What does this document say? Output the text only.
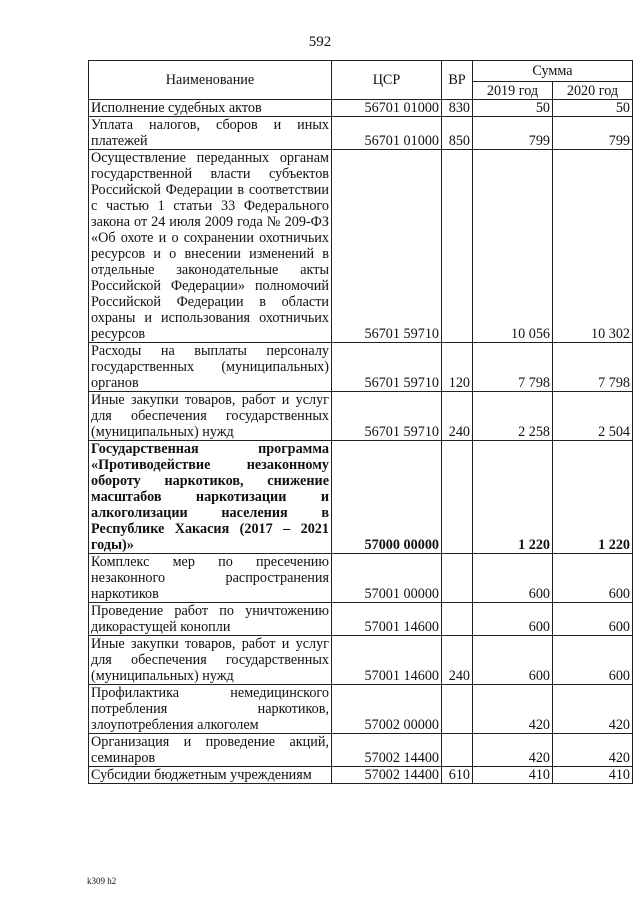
592
Наименование	ЦСР	ВР	Сумма	
			2019 год	2020 год
Исполнение судебных актов	56701 01000	830	50	50
Уплата налогов, сборов и иных платежей	56701 01000	850	799	799
Осуществление переданных органам государственной власти субъектов Российской Федерации в соответствии с частью 1 статьи 33 Федерального закона от 24 июля 2009 года № 209-ФЗ «Об охоте и о сохранении охотничьих ресурсов и о внесении изменений в отдельные законодательные акты Российской Федерации» полномочий Российской Федерации в области охраны и использования охотничьих ресурсов	56701 59710		10 056	10 302
Расходы на выплаты персоналу государственных (муниципальных) органов	56701 59710	120	7 798	7 798
Иные закупки товаров, работ и услуг для обеспечения государственных (муниципальных) нужд	56701 59710	240	2 258	2 504
Государственная программа «Противодействие незаконному обороту наркотиков, снижение масштабов наркотизации и алкоголизации населения в Республике Хакасия (2017 – 2021 годы)»	57000 00000		1 220	1 220
Комплекс мер по пресечению незаконного распространения наркотиков	57001 00000		600	600
Проведение работ по уничтожению дикорастущей конопли	57001 14600		600	600
Иные закупки товаров, работ и услуг для обеспечения государственных (муниципальных) нужд	57001 14600	240	600	600
Профилактика немедицинского потребления наркотиков, злоупотребления алкоголем	57002 00000		420	420
Организация и проведение акций, семинаров	57002 14400		420	420
Субсидии бюджетным учреждениям	57002 14400	610	410	410
k309 h2
